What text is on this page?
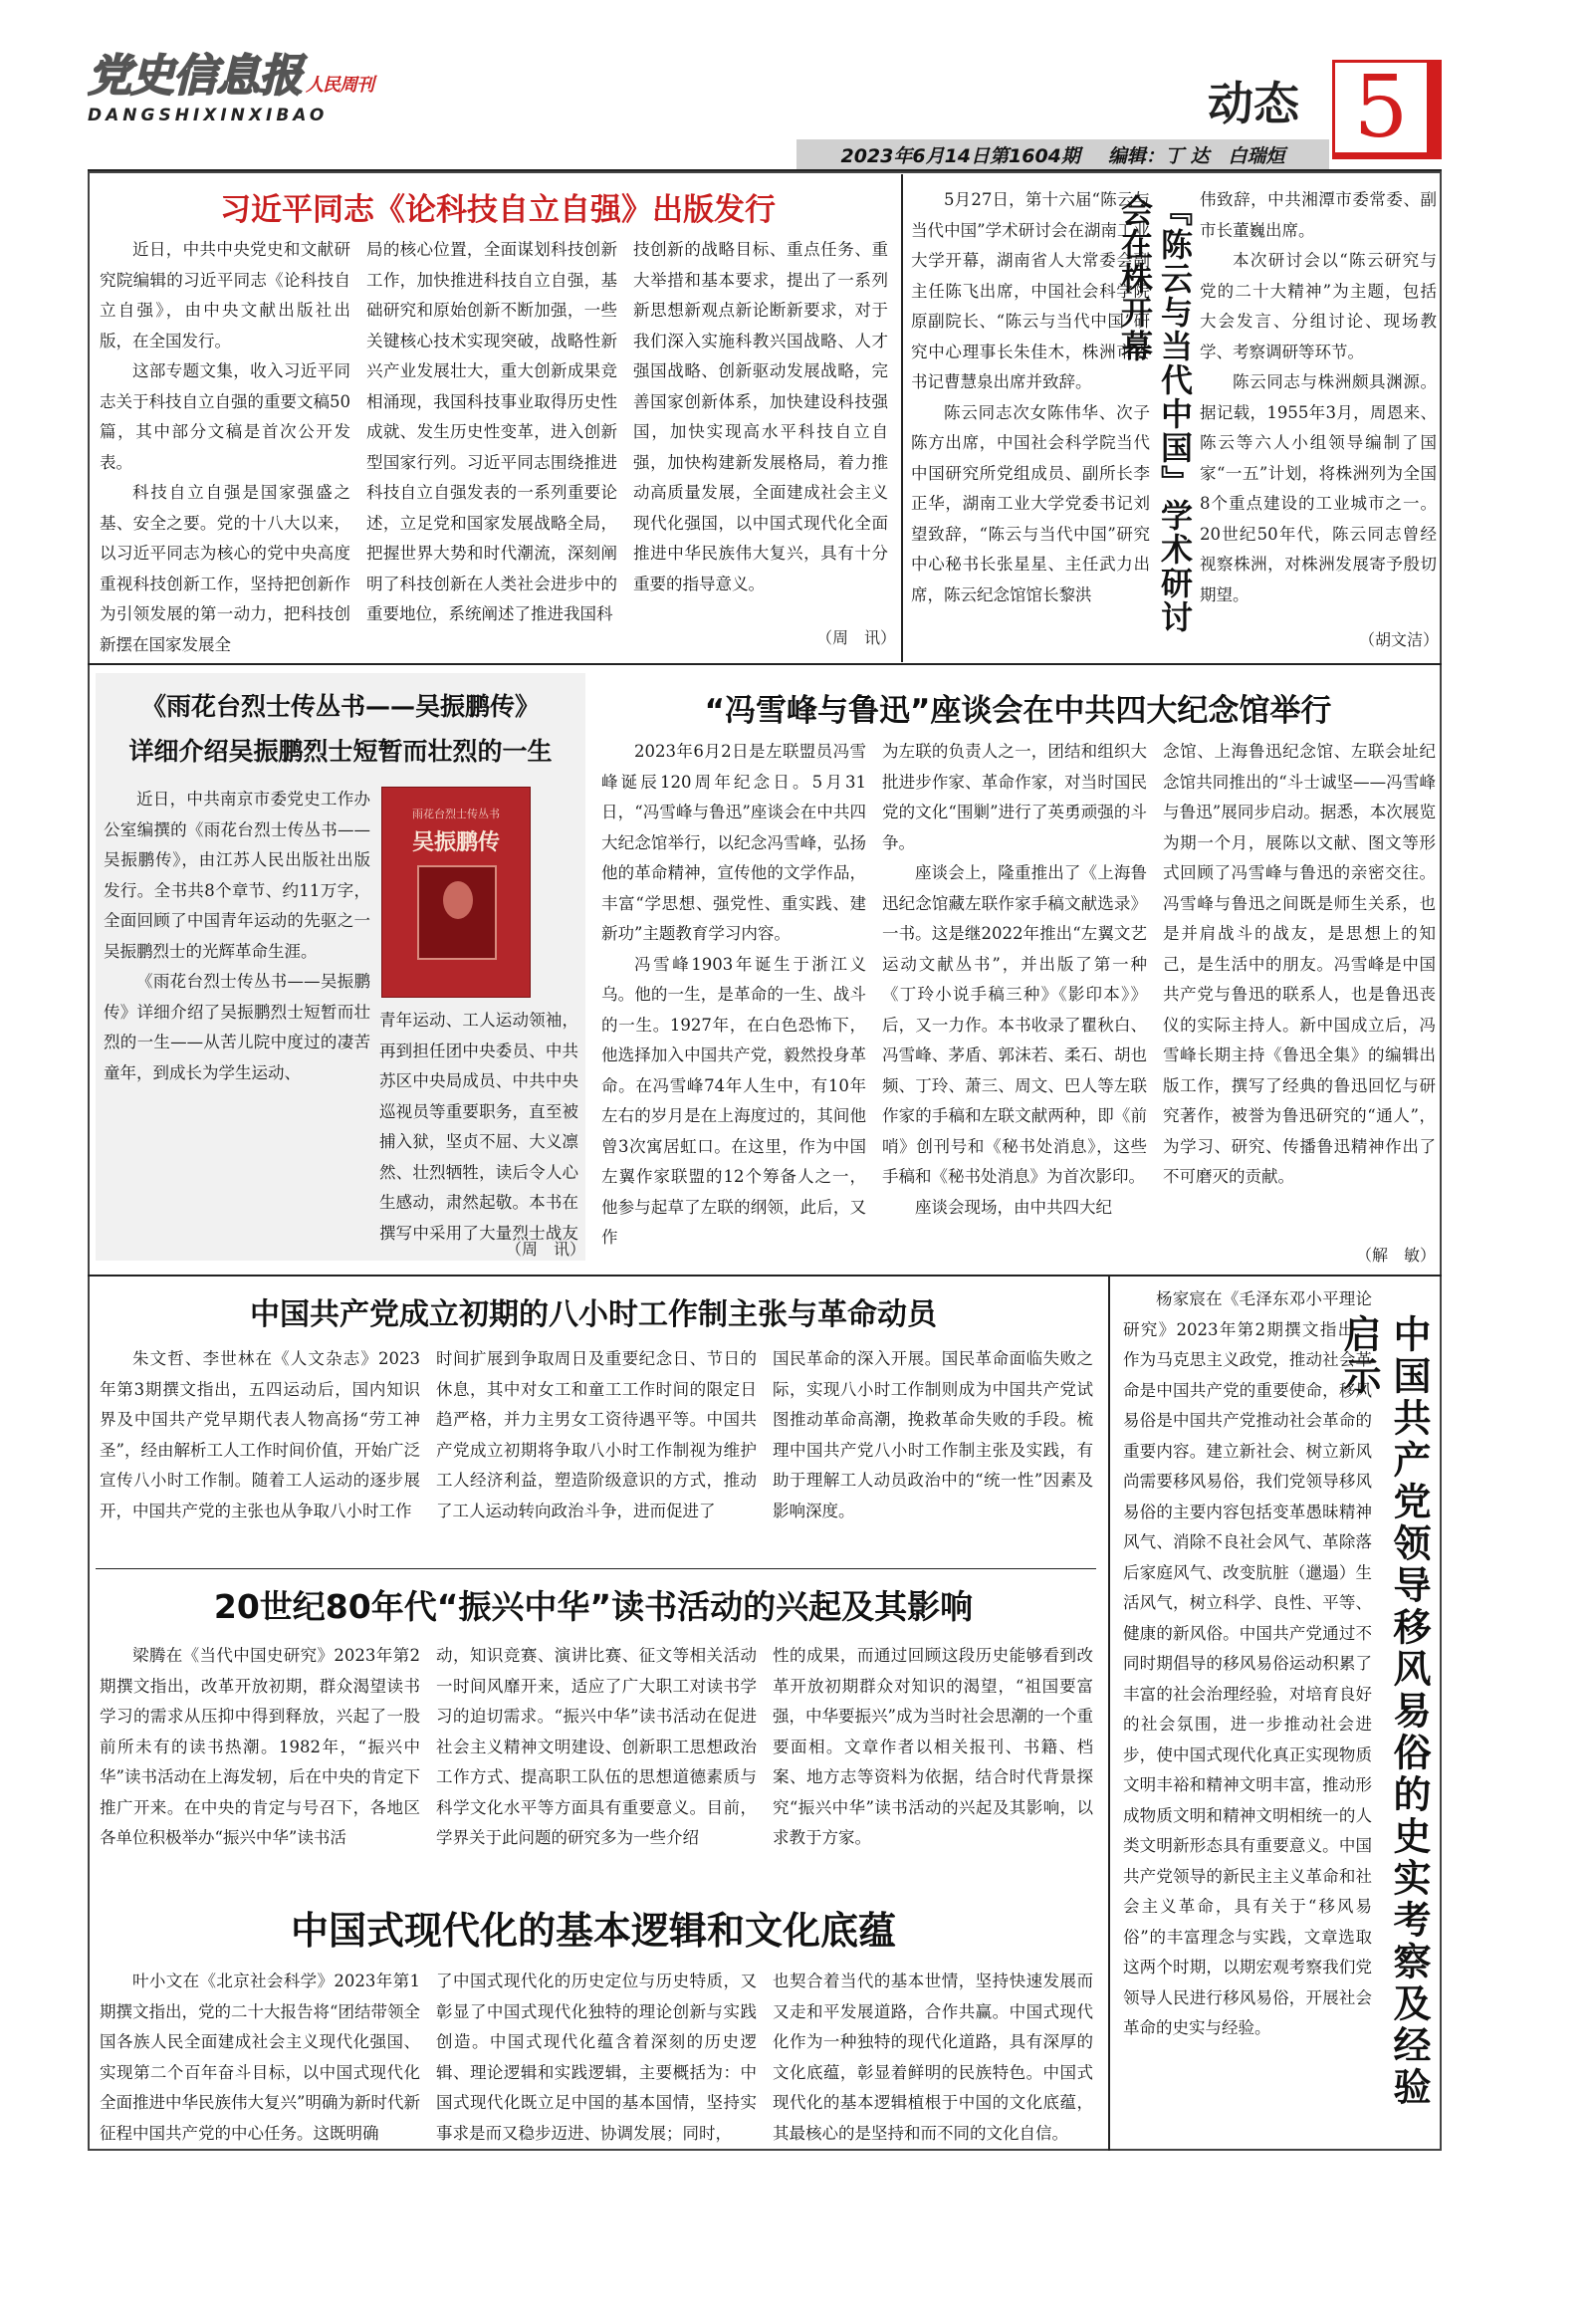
党史信息报 人民周刊
DANGSHIXINXIBAO	动态 5
2023年6月14日第1604期 编辑：丁 达　白瑞烜
习近平同志《论科技自立自强》出版发行

近日，中共中央党史和文献研究院编辑的习近平同志《论科技自立自强》，由中央文献出版社出版，在全国发行。

这部专题文集，收入习近平同志关于科技自立自强的重要文稿50篇，其中部分文稿是首次公开发表。

科技自立自强是国家强盛之基、安全之要。党的十八大以来，以习近平同志为核心的党中央高度重视科技创新工作，坚持把创新作为引领发展的第一动力，把科技创新摆在国家发展全

局的核心位置，全面谋划科技创新工作，加快推进科技自立自强，基础研究和原始创新不断加强，一些关键核心技术实现突破，战略性新兴产业发展壮大，重大创新成果竞相涌现，我国科技事业取得历史性成就、发生历史性变革，进入创新型国家行列。习近平同志围绕推进科技自立自强发表的一系列重要论述，立足党和国家发展战略全局，把握世界大势和时代潮流，深刻阐明了科技创新在人类社会进步中的重要地位，系统阐述了推进我国科

技创新的战略目标、重点任务、重大举措和基本要求，提出了一系列新思想新观点新论断新要求，对于我们深入实施科教兴国战略、人才强国战略、创新驱动发展战略，完善国家创新体系，加快建设科技强国，加快实现高水平科技自立自强，加快构建新发展格局，着力推动高质量发展，全面建成社会主义现代化强国，以中国式现代化全面推进中华民族伟大复兴，具有十分重要的指导意义。

（周　讯）

5月27日，第十六届“陈云与当代中国”学术研讨会在湖南工业大学开幕，湖南省人大常委会副主任陈飞出席，中国社会科学院原副院长、“陈云与当代中国”研究中心理事长朱佳木，株洲市委书记曹慧泉出席并致辞。

陈云同志次女陈伟华、次子陈方出席，中国社会科学院当代中国研究所党组成员、副所长李正华，湖南工业大学党委书记刘望致辞，“陈云与当代中国”研究中心秘书长张星星、主任武力出席，陈云纪念馆馆长黎洪	『陈云与当代中国』学术研讨会在株开幕	伟致辞，中共湘潭市委常委、副市长董巍出席。

本次研讨会以“陈云研究与党的二十大精神”为主题，包括大会发言、分组讨论、现场教学、考察调研等环节。

陈云同志与株洲颇具渊源。据记载，1955年3月，周恩来、陈云等六人小组领导编制了国家“一五”计划，将株洲列为全国8个重点建设的工业城市之一。20世纪50年代，陈云同志曾经视察株洲，对株洲发展寄予殷切期望。

（胡文洁）
《雨花台烈士传丛书——吴振鹏传》
详细介绍吴振鹏烈士短暂而壮烈的一生
雨花台烈士传丛书
吴振鹏传

近日，中共南京市委党史工作办公室编撰的《雨花台烈士传丛书——吴振鹏传》，由江苏人民出版社出版发行。全书共8个章节、约11万字，全面回顾了中国青年运动的先驱之一吴振鹏烈士的光辉革命生涯。

《雨花台烈士传丛书——吴振鹏传》详细介绍了吴振鹏烈士短暂而壮烈的一生——从苦儿院中度过的凄苦童年，到成长为学生运动、

青年运动、工人运动领袖，再到担任团中央委员、中共苏区中央局成员、中共中央巡视员等重要职务，直至被捕入狱，坚贞不屈、大义凛然、壮烈牺牲，读后令人心生感动，肃然起敬。本书在撰写中采用了大量烈士战友

（周　讯）
“冯雪峰与鲁迅”座谈会在中共四大纪念馆举行

2023年6月2日是左联盟员冯雪峰诞辰120周年纪念日。5月31日，“冯雪峰与鲁迅”座谈会在中共四大纪念馆举行，以纪念冯雪峰，弘扬他的革命精神，宣传他的文学作品，丰富“学思想、强党性、重实践、建新功”主题教育学习内容。

冯雪峰1903年诞生于浙江义乌。他的一生，是革命的一生、战斗的一生。1927年，在白色恐怖下，他选择加入中国共产党，毅然投身革命。在冯雪峰74年人生中，有10年左右的岁月是在上海度过的，其间他曾3次寓居虹口。在这里，作为中国左翼作家联盟的12个筹备人之一，他参与起草了左联的纲领，此后，又作

为左联的负责人之一，团结和组织大批进步作家、革命作家，对当时国民党的文化“围剿”进行了英勇顽强的斗争。

座谈会上，隆重推出了《上海鲁迅纪念馆藏左联作家手稿文献选录》一书。这是继2022年推出“左翼文艺运动文献丛书”，并出版了第一种《丁玲小说手稿三种》《影印本》》后，又一力作。本书收录了瞿秋白、冯雪峰、茅盾、郭沫若、柔石、胡也频、丁玲、萧三、周文、巴人等左联作家的手稿和左联文献两种，即《前哨》创刊号和《秘书处消息》，这些手稿和《秘书处消息》为首次影印。

座谈会现场，由中共四大纪

念馆、上海鲁迅纪念馆、左联会址纪念馆共同推出的“斗士诚坚——冯雪峰与鲁迅”展同步启动。据悉，本次展览为期一个月，展陈以文献、图文等形式回顾了冯雪峰与鲁迅的亲密交往。冯雪峰与鲁迅之间既是师生关系，也是并肩战斗的战友，是思想上的知己，是生活中的朋友。冯雪峰是中国共产党与鲁迅的联系人，也是鲁迅丧仪的实际主持人。新中国成立后，冯雪峰长期主持《鲁迅全集》的编辑出版工作，撰写了经典的鲁迅回忆与研究著作，被誉为鲁迅研究的“通人”，为学习、研究、传播鲁迅精神作出了不可磨灭的贡献。

（解　敏）
中国共产党成立初期的八小时工作制主张与革命动员

朱文哲、李世林在《人文杂志》2023年第3期撰文指出，五四运动后，国内知识界及中国共产党早期代表人物高扬“劳工神圣”，经由解析工人工作时间价值，开始广泛宣传八小时工作制。随着工人运动的逐步展开，中国共产党的主张也从争取八小时工作

时间扩展到争取周日及重要纪念日、节日的休息，其中对女工和童工工作时间的限定日趋严格，并力主男女工资待遇平等。中国共产党成立初期将争取八小时工作制视为维护工人经济利益，塑造阶级意识的方式，推动了工人运动转向政治斗争，进而促进了

国民革命的深入开展。国民革命面临失败之际，实现八小时工作制则成为中国共产党试图推动革命高潮，挽救革命失败的手段。梳理中国共产党八小时工作制主张及实践，有助于理解工人动员政治中的“统一性”因素及影响深度。

20世纪80年代“振兴中华”读书活动的兴起及其影响

梁腾在《当代中国史研究》2023年第2期撰文指出，改革开放初期，群众渴望读书学习的需求从压抑中得到释放，兴起了一股前所未有的读书热潮。1982年，“振兴中华”读书活动在上海发轫，后在中央的肯定下推广开来。在中央的肯定与号召下，各地区各单位积极举办“振兴中华”读书活

动，知识竞赛、演讲比赛、征文等相关活动一时间风靡开来，适应了广大职工对读书学习的迫切需求。“振兴中华”读书活动在促进社会主义精神文明建设、创新职工思想政治工作方式、提高职工队伍的思想道德素质与科学文化水平等方面具有重要意义。目前，学界关于此问题的研究多为一些介绍

性的成果，而通过回顾这段历史能够看到改革开放初期群众对知识的渴望，“祖国要富强，中华要振兴”成为当时社会思潮的一个重要面相。文章作者以相关报刊、书籍、档案、地方志等资料为依据，结合时代背景探究“振兴中华”读书活动的兴起及其影响，以求教于方家。

中国式现代化的基本逻辑和文化底蕴

叶小文在《北京社会科学》2023年第1期撰文指出，党的二十大报告将“团结带领全国各族人民全面建成社会主义现代化强国、实现第二个百年奋斗目标，以中国式现代化全面推进中华民族伟大复兴”明确为新时代新征程中国共产党的中心任务。这既明确

了中国式现代化的历史定位与历史特质，又彰显了中国式现代化独特的理论创新与实践创造。中国式现代化蕴含着深刻的历史逻辑、理论逻辑和实践逻辑，主要概括为：中国式现代化既立足中国的基本国情，坚持实事求是而又稳步迈进、协调发展；同时，

也契合着当代的基本世情，坚持快速发展而又走和平发展道路，合作共赢。中国式现代化作为一种独特的现代化道路，具有深厚的文化底蕴，彰显着鲜明的民族特色。中国式现代化的基本逻辑植根于中国的文化底蕴，其最核心的是坚持和而不同的文化自信。

杨家宸在《毛泽东邓小平理论研究》2023年第2期撰文指出，作为马克思主义政党，推动社会革命是中国共产党的重要使命，移风易俗是中国共产党推动社会革命的重要内容。建立新社会、树立新风尚需要移风易俗，我们党领导移风易俗的主要内容包括变革愚昧精神风气、消除不良社会风气、革除落后家庭风气、改变肮脏（邋遢）生活风气，树立科学、良性、平等、健康的新风俗。中国共产党通过不同时期倡导的移风易俗运动积累了丰富的社会治理经验，对培育良好的社会氛围，进一步推动社会进步，使中国式现代化真正实现物质文明丰裕和精神文明丰富，推动形成物质文明和精神文明相统一的人类文明新形态具有重要意义。中国共产党领导的新民主主义革命和社会主义革命，具有关于“移风易俗”的丰富理念与实践，文章选取这两个时期，以期宏观考察我们党领导人民进行移风易俗，开展社会革命的史实与经验。	中国共产党领导移风易俗的史实考察及经验启示
